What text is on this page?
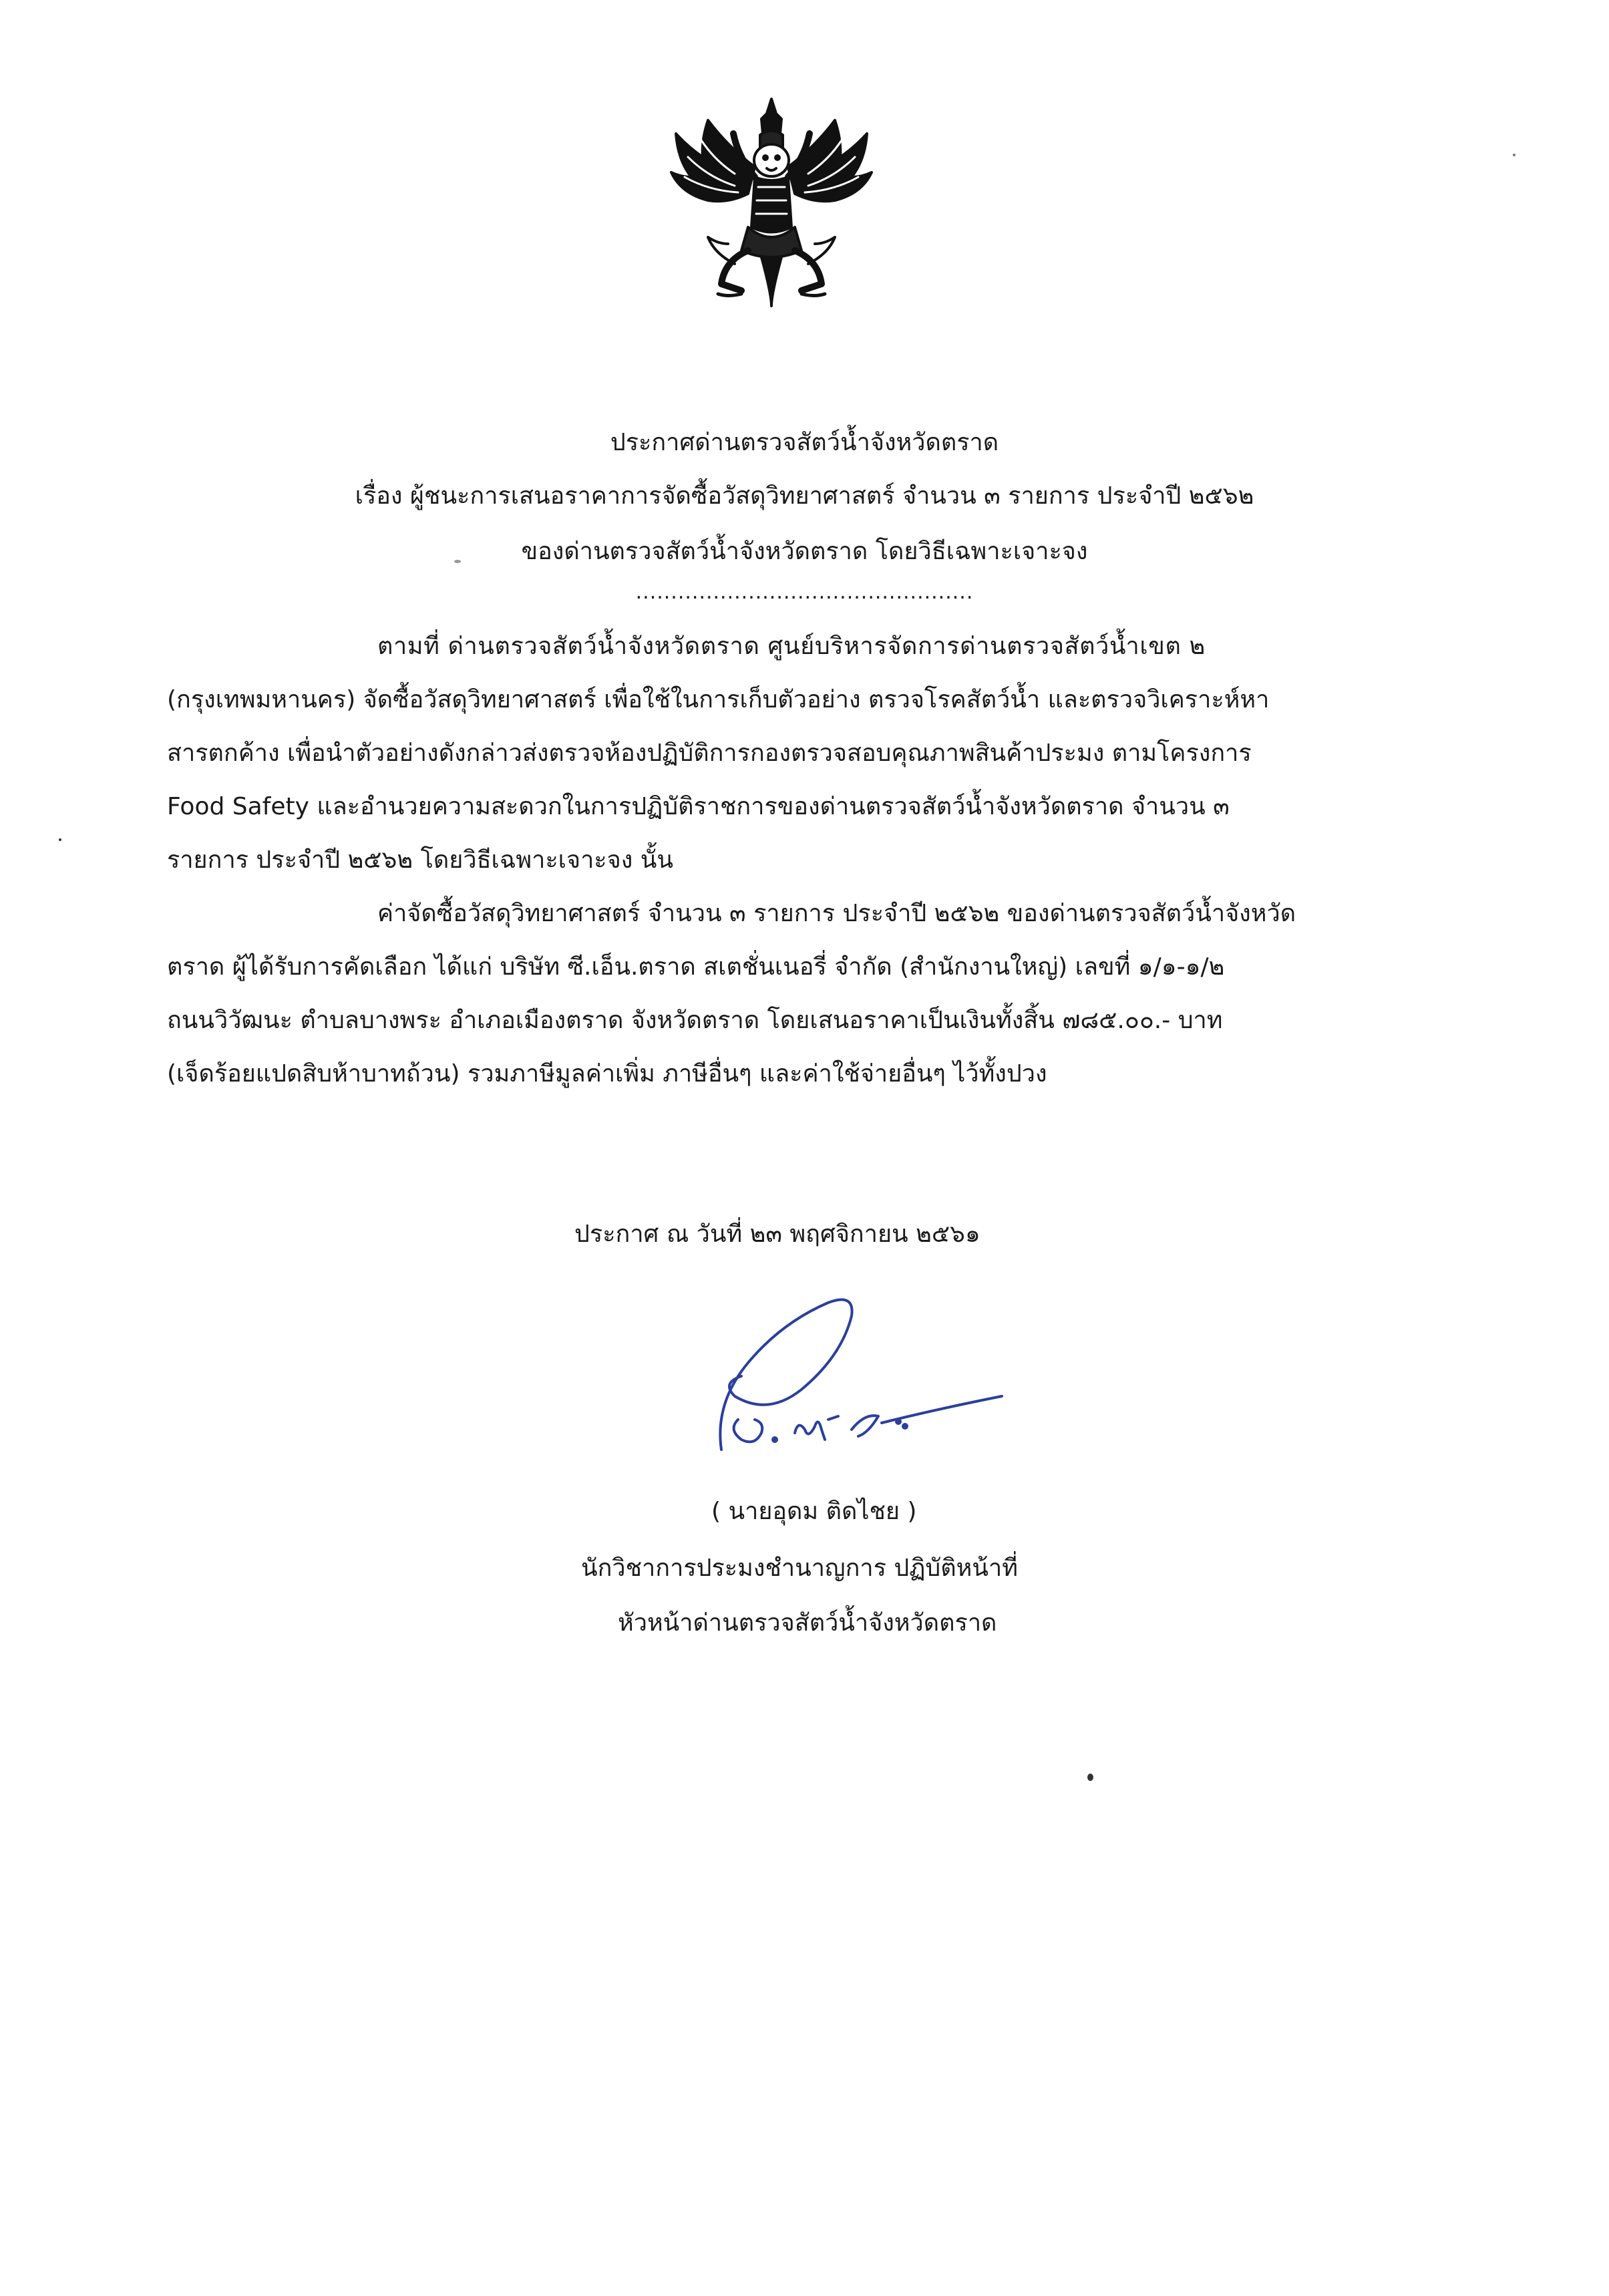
ประกาศด่านตรวจสัตว์น้ำจังหวัดตราด
เรื่อง ผู้ชนะการเสนอราคาการจัดซื้อวัสดุวิทยาศาสตร์ จำนวน ๓ รายการ ประจำปี ๒๕๖๒
ของด่านตรวจสัตว์น้ำจังหวัดตราด โดยวิธีเฉพาะเจาะจง
................................................
ตามที่ ด่านตรวจสัตว์น้ำจังหวัดตราด ศูนย์บริหารจัดการด่านตรวจสัตว์น้ำเขต ๒
(กรุงเทพมหานคร) จัดซื้อวัสดุวิทยาศาสตร์ เพื่อใช้ในการเก็บตัวอย่าง ตรวจโรคสัตว์น้ำ และตรวจวิเคราะห์หา
สารตกค้าง เพื่อนำตัวอย่างดังกล่าวส่งตรวจห้องปฏิบัติการกองตรวจสอบคุณภาพสินค้าประมง ตามโครงการ
Food Safety และอำนวยความสะดวกในการปฏิบัติราชการของด่านตรวจสัตว์น้ำจังหวัดตราด จำนวน ๓
รายการ ประจำปี ๒๕๖๒ โดยวิธีเฉพาะเจาะจง นั้น
ค่าจัดซื้อวัสดุวิทยาศาสตร์ จำนวน ๓ รายการ ประจำปี ๒๕๖๒ ของด่านตรวจสัตว์น้ำจังหวัด
ตราด ผู้ได้รับการคัดเลือก ได้แก่ บริษัท ซี.เอ็น.ตราด สเตชั่นเนอรี่ จำกัด (สำนักงานใหญ่) เลขที่ ๑/๑-๑/๒
ถนนวิวัฒนะ ตำบลบางพระ อำเภอเมืองตราด จังหวัดตราด โดยเสนอราคาเป็นเงินทั้งสิ้น ๗๘๕.๐๐.- บาท
(เจ็ดร้อยแปดสิบห้าบาทถ้วน) รวมภาษีมูลค่าเพิ่ม ภาษีอื่นๆ และค่าใช้จ่ายอื่นๆ ไว้ทั้งปวง
ประกาศ ณ วันที่ ๒๓ พฤศจิกายน ๒๕๖๑
( นายอุดม ติดไชย )
นักวิชาการประมงชำนาญการ ปฏิบัติหน้าที่
หัวหน้าด่านตรวจสัตว์น้ำจังหวัดตราด
